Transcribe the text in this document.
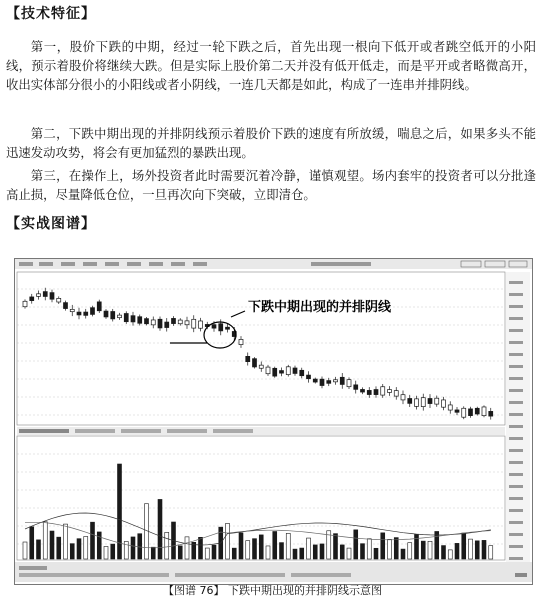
【技术特征】

第一，股价下跌的中期，经过一轮下跌之后，首先出现一根向下低开或者跳空低开的小阳线，预示着股价将继续大跌。但是实际上股价第二天并没有低开低走，而是平开或者略微高开，收出实体部分很小的小阳线或者小阴线，一连几天都是如此，构成了一连串并排阴线。

第二，下跌中期出现的并排阴线预示着股价下跌的速度有所放缓，喘息之后，如果多头不能迅速发动攻势，将会有更加猛烈的暴跌出现。

第三，在操作上，场外投资者此时需要沉着冷静，谨慎观望。场内套牢的投资者可以分批逢高止损，尽量降低仓位，一旦再次向下突破，立即清仓。

【实战图谱】
下跌中期出现的并排阴线
【图谱 76】 下跌中期出现的并排阴线示意图
